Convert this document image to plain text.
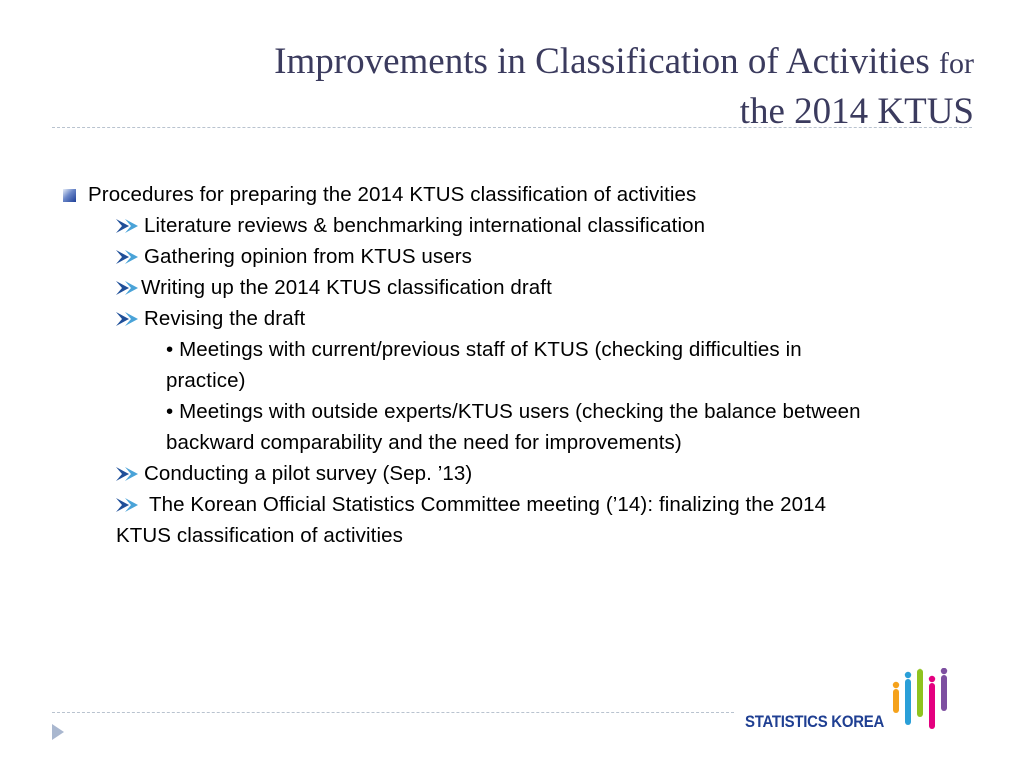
Improvements in Classification of Activities for
the 2014 KTUS
Procedures for preparing the 2014 KTUS classification of activities
Literature reviews & benchmarking international classification
Gathering opinion from KTUS users
Writing up the 2014 KTUS classification draft
Revising the draft
• Meetings with current/previous staff of KTUS (checking difficulties in
practice)
• Meetings with outside experts/KTUS users (checking the balance between
backward comparability and the need for improvements)
Conducting a pilot survey (Sep. ’13)
The Korean Official Statistics Committee meeting (’14): finalizing the 2014
KTUS classification of activities
STATISTICS KOREA
